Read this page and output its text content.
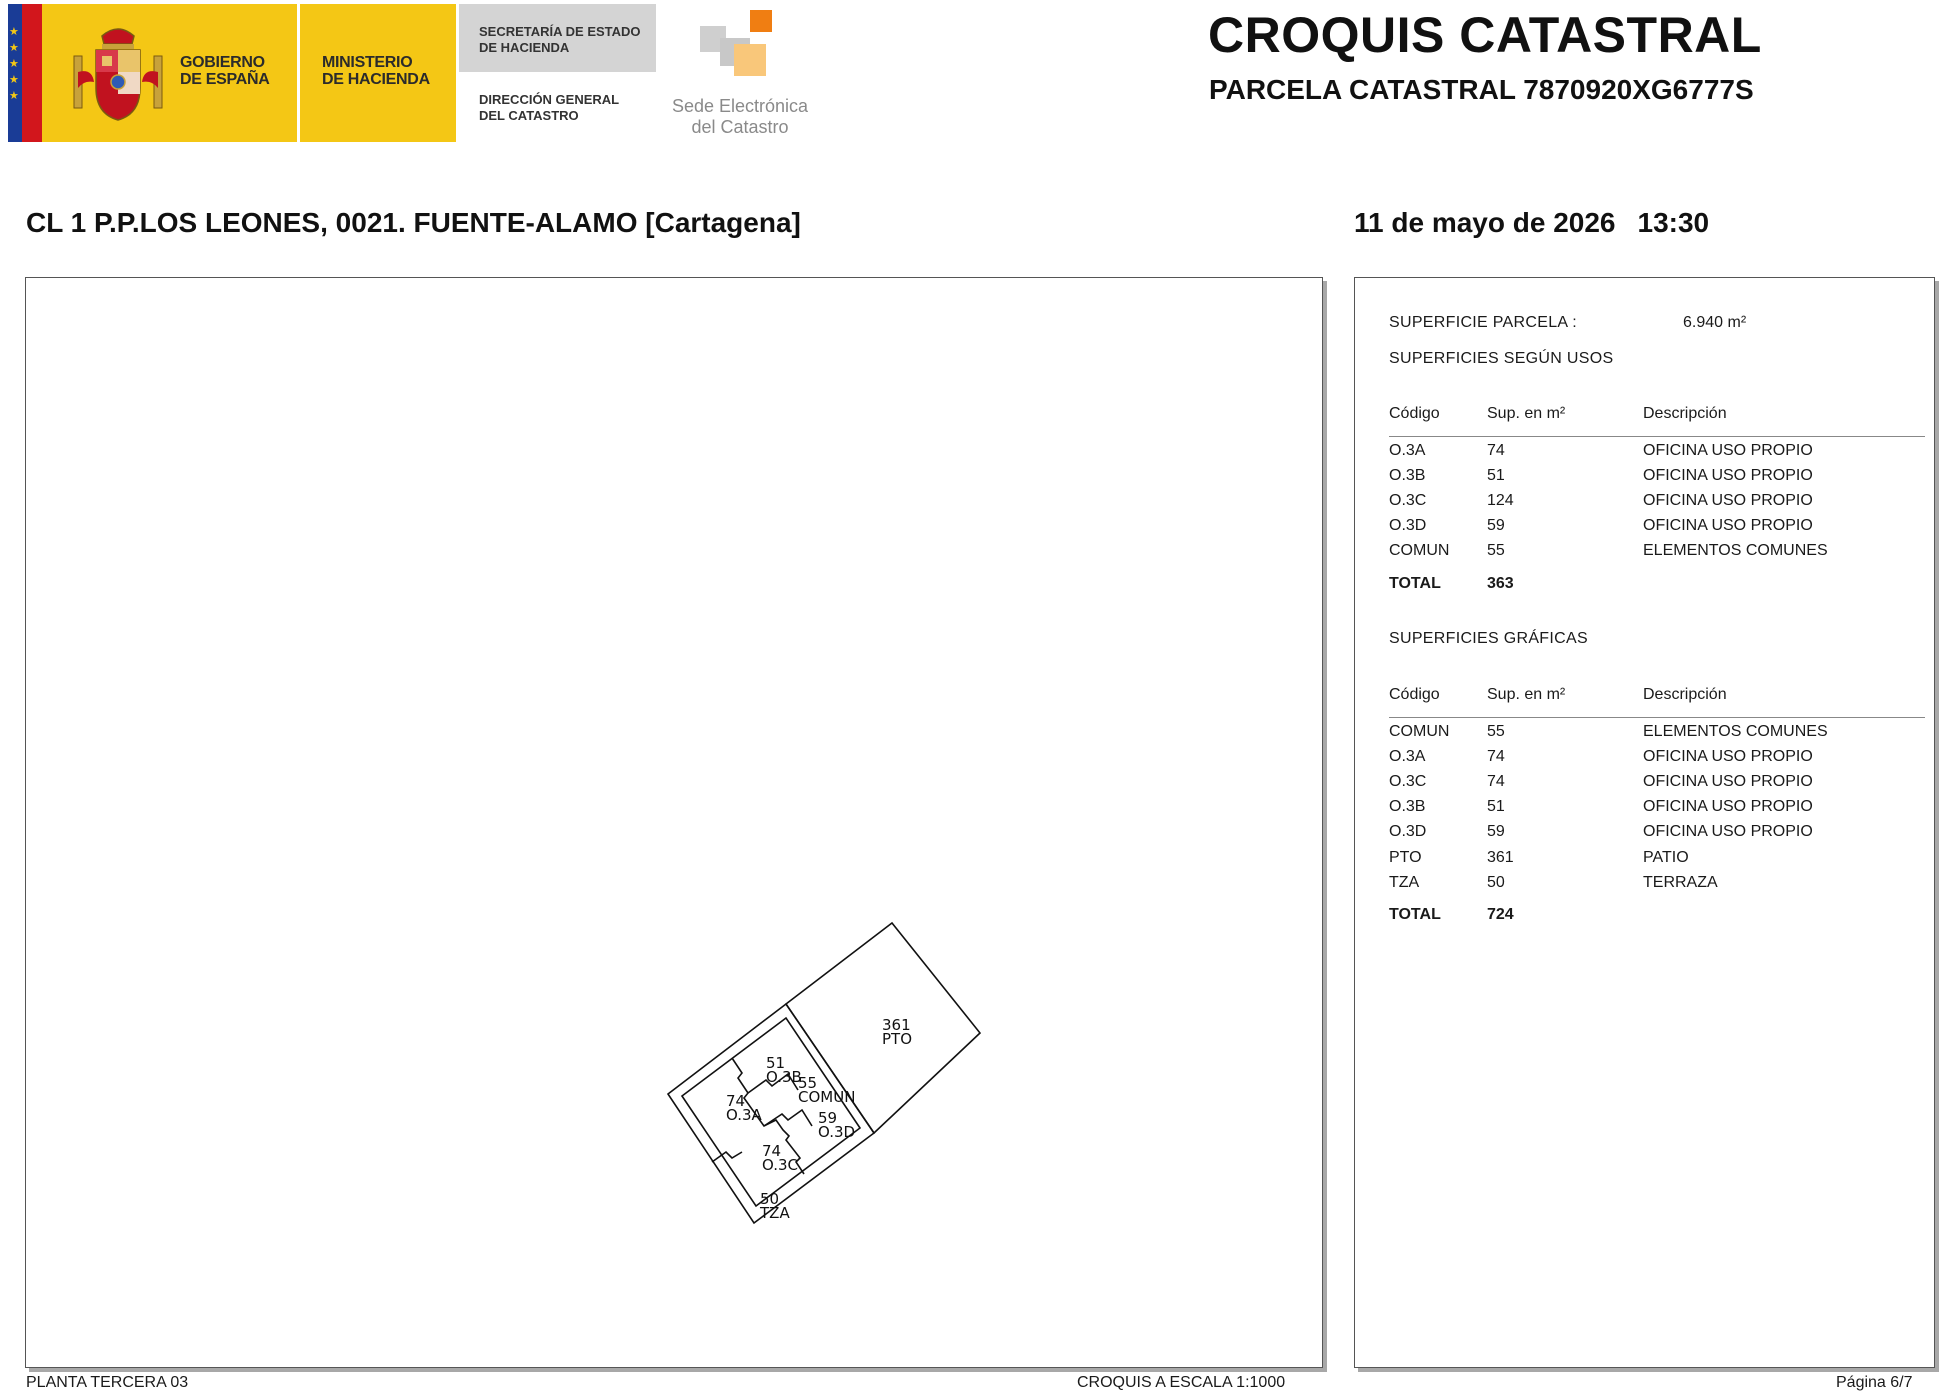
★
★
★
★
★
GOBIERNO
DE ESPAÑA
MINISTERIO
DE HACIENDA
SECRETARÍA DE ESTADO
DE HACIENDA
DIRECCIÓN GENERAL
DEL CATASTRO	Sede Electrónica
del Catastro
CROQUIS CATASTRAL
PARCELA CATASTRAL 7870920XG6777S
CL 1 P.P.LOS LEONES, 0021. FUENTE-ALAMO [Cartagena]	11 de mayo de 2026 13:30
361
PTO
51
O.3B
55
COMUN
74
O.3A	59
O.3D
74
O.3C
50
TZA
SUPERFICIE PARCELA :	6.940 m²
SUPERFICIES SEGÚN USOS
Código	Sup. en m²	Descripción
O.3A	74	OFICINA USO PROPIO
O.3B	51	OFICINA USO PROPIO
O.3C	124	OFICINA USO PROPIO
O.3D	59	OFICINA USO PROPIO
COMUN 55	ELEMENTOS COMUNES
TOTAL	363
SUPERFICIES GRÁFICAS
Código	Sup. en m²	Descripción
COMUN 55	ELEMENTOS COMUNES
O.3A	74	OFICINA USO PROPIO
O.3C	74	OFICINA USO PROPIO
O.3B	51	OFICINA USO PROPIO
O.3D	59	OFICINA USO PROPIO
PTO	361	PATIO
TZA	50	TERRAZA
TOTAL	724
PLANTA TERCERA 03	CROQUIS A ESCALA 1:1000	Página 6/7
